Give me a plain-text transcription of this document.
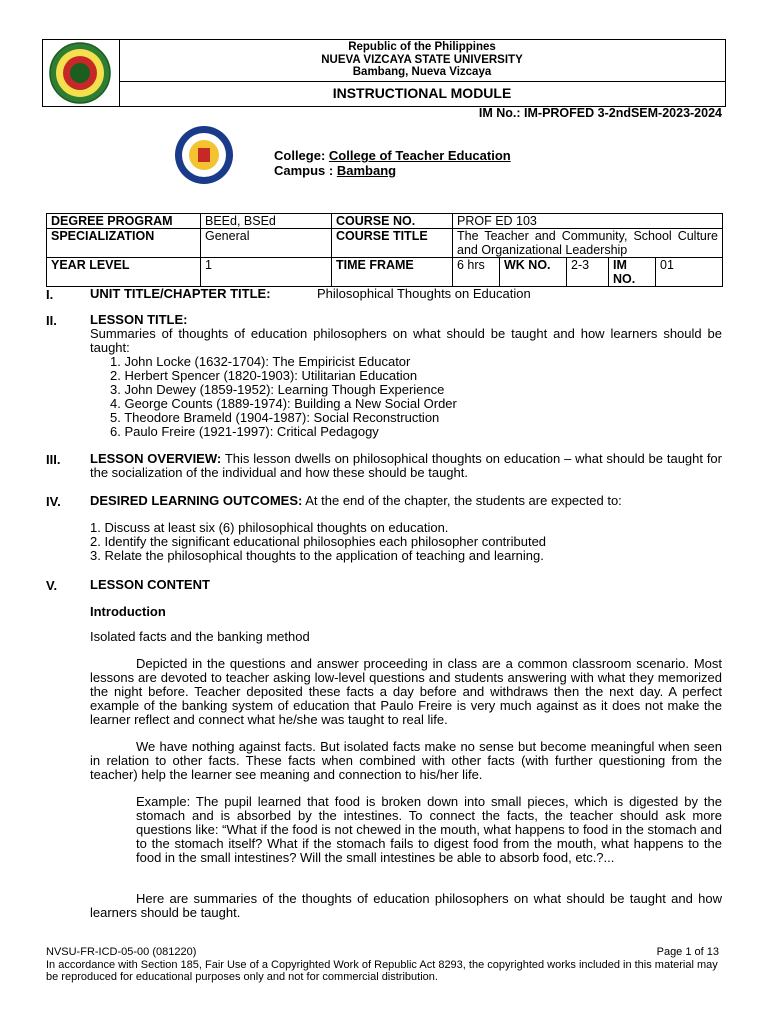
Republic of the Philippines
NUEVA VIZCAYA STATE UNIVERSITY
Bambang, Nueva Vizcaya
INSTRUCTIONAL MODULE
IM No.: IM-PROFED 3-2ndSEM-2023-2024
College: College of Teacher Education
Campus : Bambang
DEGREE PROGRAM	BEEd, BSEd	COURSE NO.	PROF ED 103				
SPECIALIZATION	General	COURSE TITLE	The Teacher and Community, School Culture and Organizational Leadership				
YEAR LEVEL	1	TIME FRAME	6 hrs	WK NO.	2-3	IM NO.	01
I.	UNIT TITLE/CHAPTER TITLE:	Philosophical Thoughts on Education
II.	LESSON TITLE:
Summaries of thoughts of education philosophers on what should be taught and how learners should be taught:
1. John Locke (1632-1704): The Empiricist Educator
2. Herbert Spencer (1820-1903): Utilitarian Education
3. John Dewey (1859-1952): Learning Though Experience
4. George Counts (1889-1974): Building a New Social Order
5. Theodore Brameld (1904-1987): Social Reconstruction
6. Paulo Freire (1921-1997): Critical Pedagogy
III. LESSON OVERVIEW: This lesson dwells on philosophical thoughts on education – what should be taught for the socialization of the individual and how these should be taught.
IV. DESIRED LEARNING OUTCOMES: At the end of the chapter, the students are expected to:
1. Discuss at least six (6) philosophical thoughts on education.
2. Identify the significant educational philosophies each philosopher contributed
3. Relate the philosophical thoughts to the application of teaching and learning.
V.	LESSON CONTENT
Introduction
Isolated facts and the banking method
Depicted in the questions and answer proceeding in class are a common classroom scenario. Most lessons are devoted to teacher asking low-level questions and students answering with what they memorized the night before. Teacher deposited these facts a day before and withdraws then the next day. A perfect example of the banking system of education that Paulo Freire is very much against as it does not make the learner reflect and connect what he/she was taught to real life.
We have nothing against facts. But isolated facts make no sense but become meaningful when seen in relation to other facts. These facts when combined with other facts (with further questioning from the teacher) help the learner see meaning and connection to his/her life.
Example: The pupil learned that food is broken down into small pieces, which is digested by the stomach and is absorbed by the intestines. To connect the facts, the teacher should ask more questions like: “What if the food is not chewed in the mouth, what happens to food in the stomach and to the stomach itself? What if the stomach fails to digest food from the mouth, what happens to the food in the small intestines? Will the small intestines be able to absorb food, etc.?...
Here are summaries of the thoughts of education philosophers on what should be taught and how learners should be taught.
NVSU-FR-ICD-05-00 (081220)	Page 1 of 13
In accordance with Section 185, Fair Use of a Copyrighted Work of Republic Act 8293, the copyrighted works included in this material may be reproduced for educational purposes only and not for commercial distribution.
